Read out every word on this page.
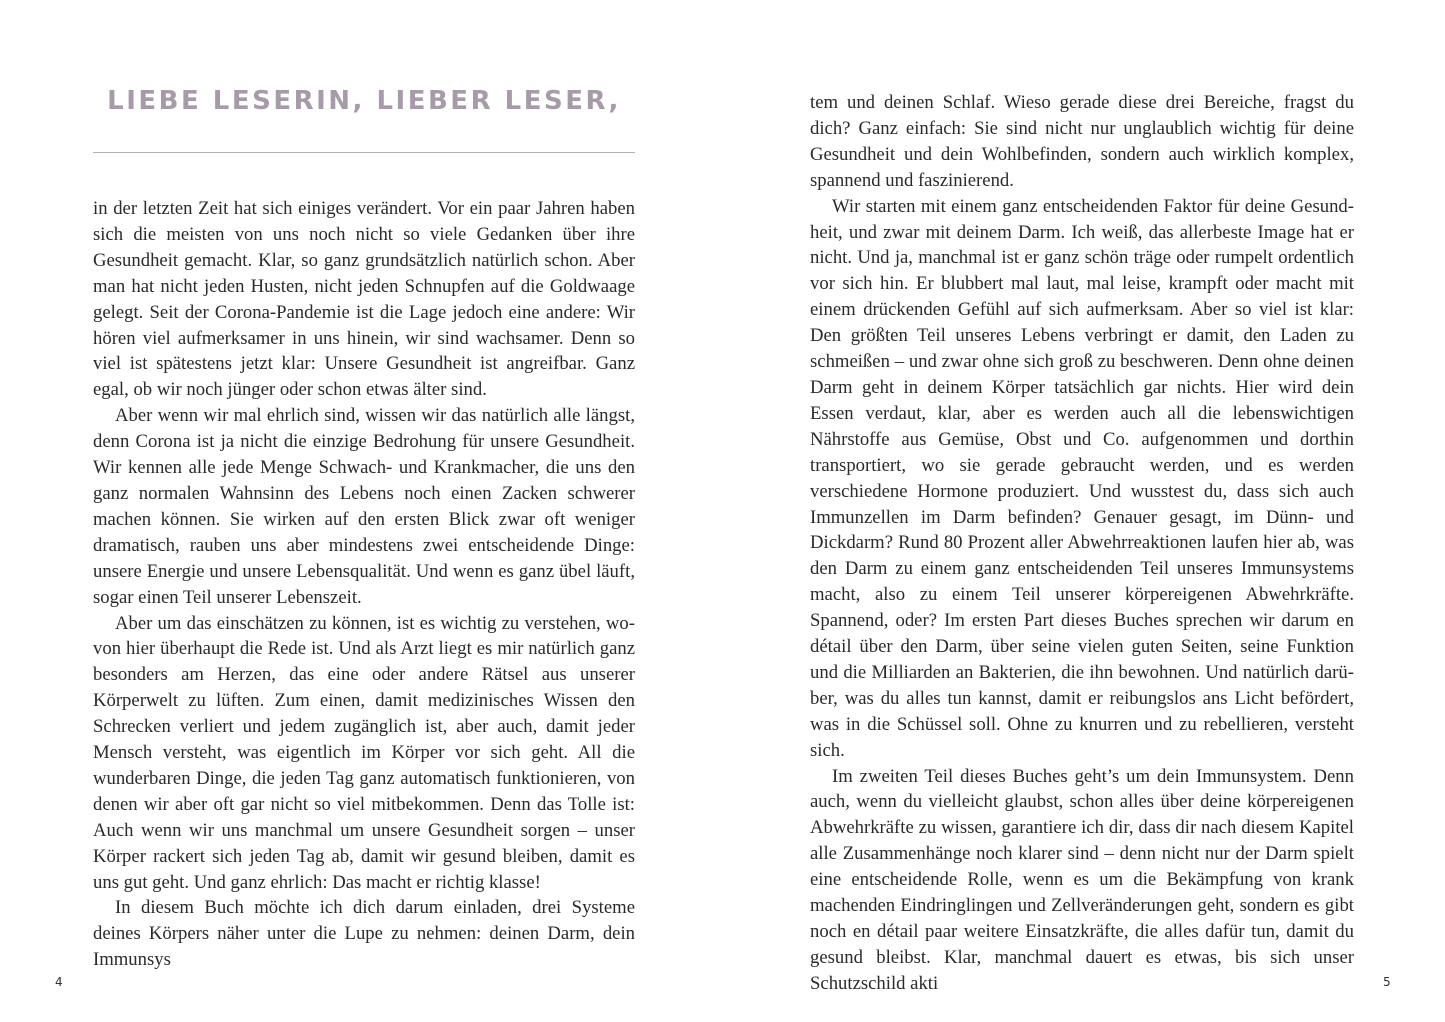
LIEBE LESERIN, LIEBER LESER,

in der letzten Zeit hat sich einiges verändert. Vor ein paar Jahren haben sich die meisten von uns noch nicht so viele Gedanken über ihre Gesundheit gemacht. Klar, so ganz grundsätzlich natürlich schon. Aber man hat nicht jeden Husten, nicht jeden Schnupfen auf die Goldwaage gelegt. Seit der Corona-Pandemie ist die Lage jedoch eine andere: Wir hören viel aufmerksamer in uns hinein, wir sind wachsamer. Denn so viel ist spätestens jetzt klar: Unsere Gesundheit ist angreifbar. Ganz egal, ob wir noch jünger oder schon etwas älter sind.

Aber wenn wir mal ehrlich sind, wissen wir das natürlich alle längst, denn Corona ist ja nicht die einzige Bedrohung für unsere Gesundheit. Wir kennen alle jede Menge Schwach- und Krankmacher, die uns den ganz normalen Wahnsinn des Lebens noch einen Zacken schwerer machen können. Sie wirken auf den ersten Blick zwar oft weniger dramatisch, rauben uns aber mindestens zwei entscheidende Dinge: unsere Energie und unsere Lebensqualität. Und wenn es ganz übel läuft, sogar einen Teil unserer Lebenszeit.

Aber um das einschätzen zu können, ist es wichtig zu verstehen, wovon hier überhaupt die Rede ist. Und als Arzt liegt es mir natürlich ganz besonders am Herzen, das eine oder andere Rätsel aus unserer Körperwelt zu lüften. Zum einen, damit medizinisches Wissen den Schrecken verliert und jedem zugänglich ist, aber auch, damit jeder Mensch versteht, was eigentlich im Körper vor sich geht. All die wunderbaren Dinge, die jeden Tag ganz automatisch funktionieren, von denen wir aber oft gar nicht so viel mitbekommen. Denn das Tolle ist: Auch wenn wir uns manchmal um unsere Gesundheit sorgen – unser Körper rackert sich jeden Tag ab, damit wir gesund bleiben, damit es uns gut geht. Und ganz ehrlich: Das macht er richtig klasse!

In diesem Buch möchte ich dich darum einladen, drei Systeme deines Körpers näher unter die Lupe zu nehmen: deinen Darm, dein Immunsys

4

tem und deinen Schlaf. Wieso gerade diese drei Bereiche, fragst du dich? Ganz einfach: Sie sind nicht nur unglaublich wichtig für deine Gesundheit und dein Wohlbefinden, sondern auch wirklich komplex, spannend und faszinierend.

Wir starten mit einem ganz entscheidenden Faktor für deine Gesundheit, und zwar mit deinem Darm. Ich weiß, das allerbeste Image hat er nicht. Und ja, manchmal ist er ganz schön träge oder rumpelt ordentlich vor sich hin. Er blubbert mal laut, mal leise, krampft oder macht mit einem drückenden Gefühl auf sich aufmerksam. Aber so viel ist klar: Den größten Teil unseres Lebens verbringt er damit, den Laden zu schmeißen – und zwar ohne sich groß zu beschweren. Denn ohne deinen Darm geht in deinem Körper tatsächlich gar nichts. Hier wird dein Essen verdaut, klar, aber es werden auch all die lebenswichtigen Nährstoffe aus Gemüse, Obst und Co. aufgenommen und dorthin transportiert, wo sie gerade gebraucht werden, und es werden verschiedene Hormone produziert. Und wusstest du, dass sich auch Immunzellen im Darm befinden? Genauer gesagt, im Dünn- und Dickdarm? Rund 80 Prozent aller Abwehrreaktionen laufen hier ab, was den Darm zu einem ganz entscheidenden Teil unseres Immunsystems macht, also zu einem Teil unserer körpereigenen Abwehrkräfte. Spannend, oder? Im ersten Part dieses Buches sprechen wir darum en détail über den Darm, über seine vielen guten Seiten, seine Funktion und die Milliarden an Bakterien, die ihn bewohnen. Und natürlich darüber, was du alles tun kannst, damit er reibungslos ans Licht befördert, was in die Schüssel soll. Ohne zu knurren und zu rebellieren, versteht sich.

Im zweiten Teil dieses Buches geht’s um dein Immunsystem. Denn auch, wenn du vielleicht glaubst, schon alles über deine körpereigenen Abwehrkräfte zu wissen, garantiere ich dir, dass dir nach diesem Kapitel alle Zusammenhänge noch klarer sind – denn nicht nur der Darm spielt eine entscheidende Rolle, wenn es um die Bekämpfung von krank machenden Eindringlingen und Zellveränderungen geht, sondern es gibt noch en détail paar weitere Einsatzkräfte, die alles dafür tun, damit du gesund bleibst. Klar, manchmal dauert es etwas, bis sich unser Schutzschild akti	5
